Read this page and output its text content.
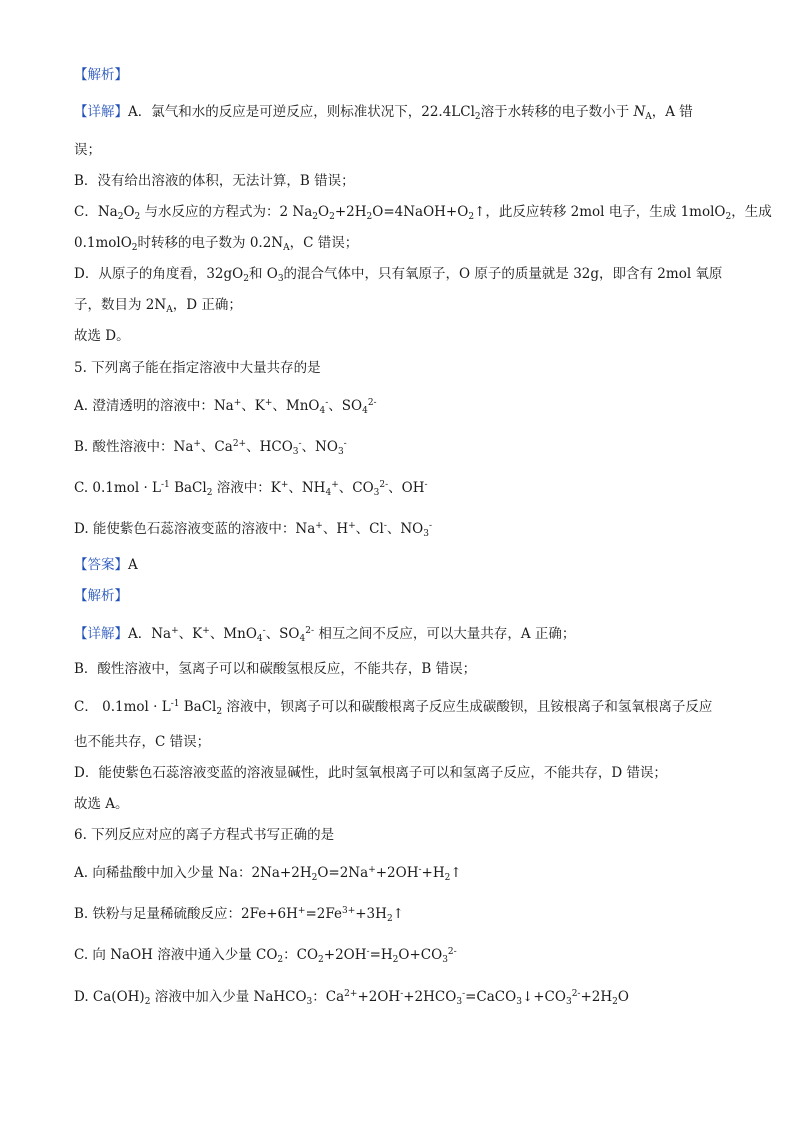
【解析】
【详解】A．氯气和水的反应是可逆反应，则标准状况下，22.4LCl$_2$溶于水转移的电子数小于 $N_A$，A 错
误；
B．没有给出溶液的体积，无法计算，B 错误；
C．$Na_2O_2$ 与水反应的方程式为：2 $Na_2O_2+2H_2O=4NaOH+O_2↑$，此反应转移 2mol 电子，生成 1molO$_2$，生成
0.1molO$_2$时转移的电子数为 $0.2N_A$，C 错误；
D．从原子的角度看，$32gO_2$和 $O_3$的混合气体中，只有氧原子，O 原子的质量就是 32g，即含有 2mol 氧原
子，数目为 $2N_A$，D 正确；
故选 D。
5. 下列离子能在指定溶液中大量共存的是
A. 澄清透明的溶液中：Na+、K+、MnO$_4$-、$SO_4^{2-}$
B. 酸性溶液中：Na+、$Ca^{2+}$、$HCO_3^-$、$NO_3^-$
C. $0.1mol \cdot L^{-1}$ BaCl$_2$ 溶液中：K+、$NH_4^+$、$CO_3^{2-}$、OH-
D. 能使紫色石蕊溶液变蓝的溶液中：Na+、H+、Cl-、$NO_3^-$
【答案】A
【解析】
【详解】A．Na+、K+、MnO$_4$-、$SO_4^{2-}$ 相互之间不反应，可以大量共存，A 正确；
B．酸性溶液中，氢离子可以和碳酸氢根反应，不能共存，B 错误；
C． $0.1mol \cdot L^{-1}$ BaCl$_2$ 溶液中，钡离子可以和碳酸根离子反应生成碳酸钡，且铵根离子和氢氧根离子反应
也不能共存，C 错误；
D．能使紫色石蕊溶液变蓝的溶液显碱性，此时氢氧根离子可以和氢离子反应，不能共存，D 错误；
故选 A。
6. 下列反应对应的离子方程式书写正确的是
A. 向稀盐酸中加入少量 Na：$2Na+2H_2O=2Na^++2OH^-+H_2↑$
B. 铁粉与足量稀硫酸反应：$2Fe+6H^+=2Fe^{3+}+3H_2↑$
C. 向 NaOH 溶液中通入少量 $CO_2$：$CO_2+2OH^-=H_2O+CO_3^{2-}$
D. $Ca(OH)_2$ 溶液中加入少量 NaHCO$_3$：$Ca^{2+}+2OH^-+2HCO_3^-=CaCO_3↓+CO_3^{2-}+2H_2O$
